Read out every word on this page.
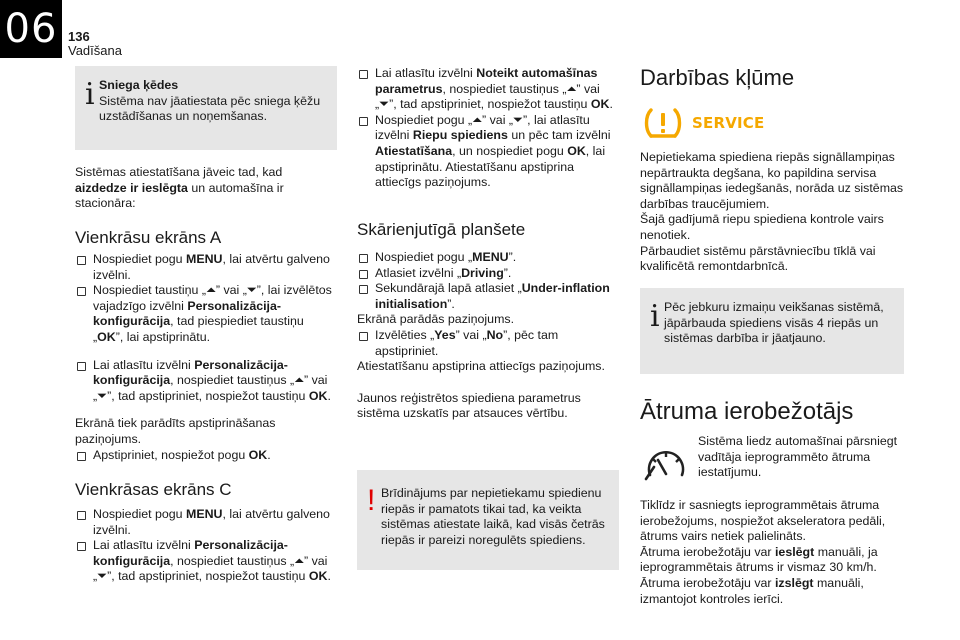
06 136
Vadīšana
i Sniega ķēdes
Sistēma nav jāatiestata pēc sniega ķēžu uzstādīšanas un noņemšanas.
Sistēmas atiestatīšana jāveic tad, kad aizdedze ir ieslēgta un automašīna ir stacionāra:
Vienkrāsu ekrāns A
Nospiediet pogu MENU, lai atvērtu galveno izvēlni.
Nospiediet taustiņu „⏶” vai „⏷”, lai izvēlētos vajadzīgo izvēlni Personalizācija-konfigurācija, tad piespiediet taustiņu „OK”, lai apstiprinātu.
Lai atlasītu izvēlni Personalizācija-konfigurācija, nospiediet taustiņus „⏶” vai „⏷”, tad apstipriniet, nospiežot taustiņu OK.
Ekrānā tiek parādīts apstiprināšanas paziņojums.
Apstipriniet, nospiežot pogu OK.
Vienkrāsas ekrāns C
Nospiediet pogu MENU, lai atvērtu galveno izvēlni.
Lai atlasītu izvēlni Personalizācija-konfigurācija, nospiediet taustiņus „⏶” vai „⏷”, tad apstipriniet, nospiežot taustiņu OK.
Lai atlasītu izvēlni Noteikt automašīnas parametrus, nospiediet taustiņus „⏶” vai „⏷”, tad apstipriniet, nospiežot taustiņu OK.
Nospiediet pogu „⏶” vai „⏷”, lai atlasītu izvēlni Riepu spiediens un pēc tam izvēlni Atiestatīšana, un nospiediet pogu OK, lai apstiprinātu. Atiestatīšanu apstiprina attiecīgs paziņojums.
Skārienjutīgā planšete
Nospiediet pogu „MENU”.
Atlasiet izvēlni „Driving”.
Sekundārajā lapā atlasiet „Under-inflation initialisation”.
Ekrānā parādās paziņojums.
Izvēlēties „Yes” vai „No”, pēc tam apstipriniet.
Atiestatīšanu apstiprina attiecīgs paziņojums.
Jaunos reģistrētos spiediena parametrus sistēma uzskatīs par atsauces vērtību.
! Brīdinājums par nepietiekamu spiedienu riepās ir pamatots tikai tad, ka veikta sistēmas atiestate laikā, kad visās četrās riepās ir pareizi noregulēts spiediens.
Darbības kļūme
SERVICE
Nepietiekama spiediena riepās signāllampiņas nepārtraukta degšana, ko papildina servisa signāllampiņas iedegšanās, norāda uz sistēmas darbības traucējumiem.
Šajā gadījumā riepu spiediena kontrole vairs nenotiek.
Pārbaudiet sistēmu pārstāvniecību tīklā vai kvalificētā remontdarbnīcā.
i Pēc jebkuru izmaiņu veikšanas sistēmā, jāpārbauda spiediens visās 4 riepās un sistēmas darbība ir jāatjauno.
Ātruma ierobežotājs
Sistēma liedz automašīnai pārsniegt vadītāja ieprogrammēto ātruma iestatījumu.
Tiklīdz ir sasniegts ieprogrammētais ātruma ierobežojums, nospiežot akseleratora pedāli, ātrums vairs netiek palielināts.
Ātruma ierobežotāju var ieslēgt manuāli, ja ieprogrammētais ātrums ir vismaz 30 km/h.
Ātruma ierobežotāju var izslēgt manuāli, izmantojot kontroles ierīci.
